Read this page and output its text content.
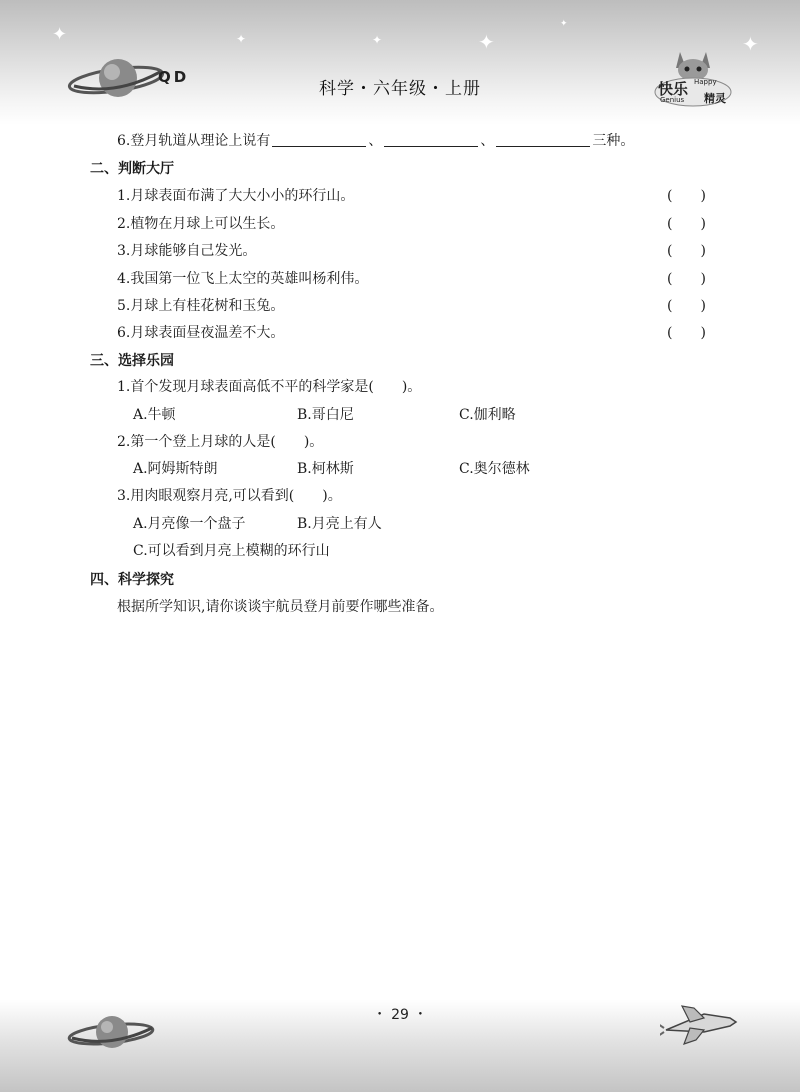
✦	✦	✦	✦	✦
✦
QD
科学・六年级・上册	快乐
精灵
Happy
Genius
6.登月轨道从理论上说有	、	、	三种。
二、判断大厅
1.月球表面布满了大大小小的环行山。	(　　)
2.植物在月球上可以生长。	(　　)
3.月球能够自己发光。	(　　)
4.我国第一位飞上太空的英雄叫杨利伟。	(　　)
5.月球上有桂花树和玉兔。	(　　)
6.月球表面昼夜温差不大。	(　　)
三、选择乐园
1.首个发现月球表面高低不平的科学家是(　　)。
A.牛顿	B.哥白尼	C.伽利略
2.第一个登上月球的人是(　　)。
A.阿姆斯特朗	B.柯林斯	C.奥尔德林
3.用肉眼观察月亮,可以看到(　　)。
A.月亮像一个盘子	B.月亮上有人
C.可以看到月亮上模糊的环行山
四、科学探究
根据所学知识,请你谈谈宇航员登月前要作哪些准备。
・ 29 ・
